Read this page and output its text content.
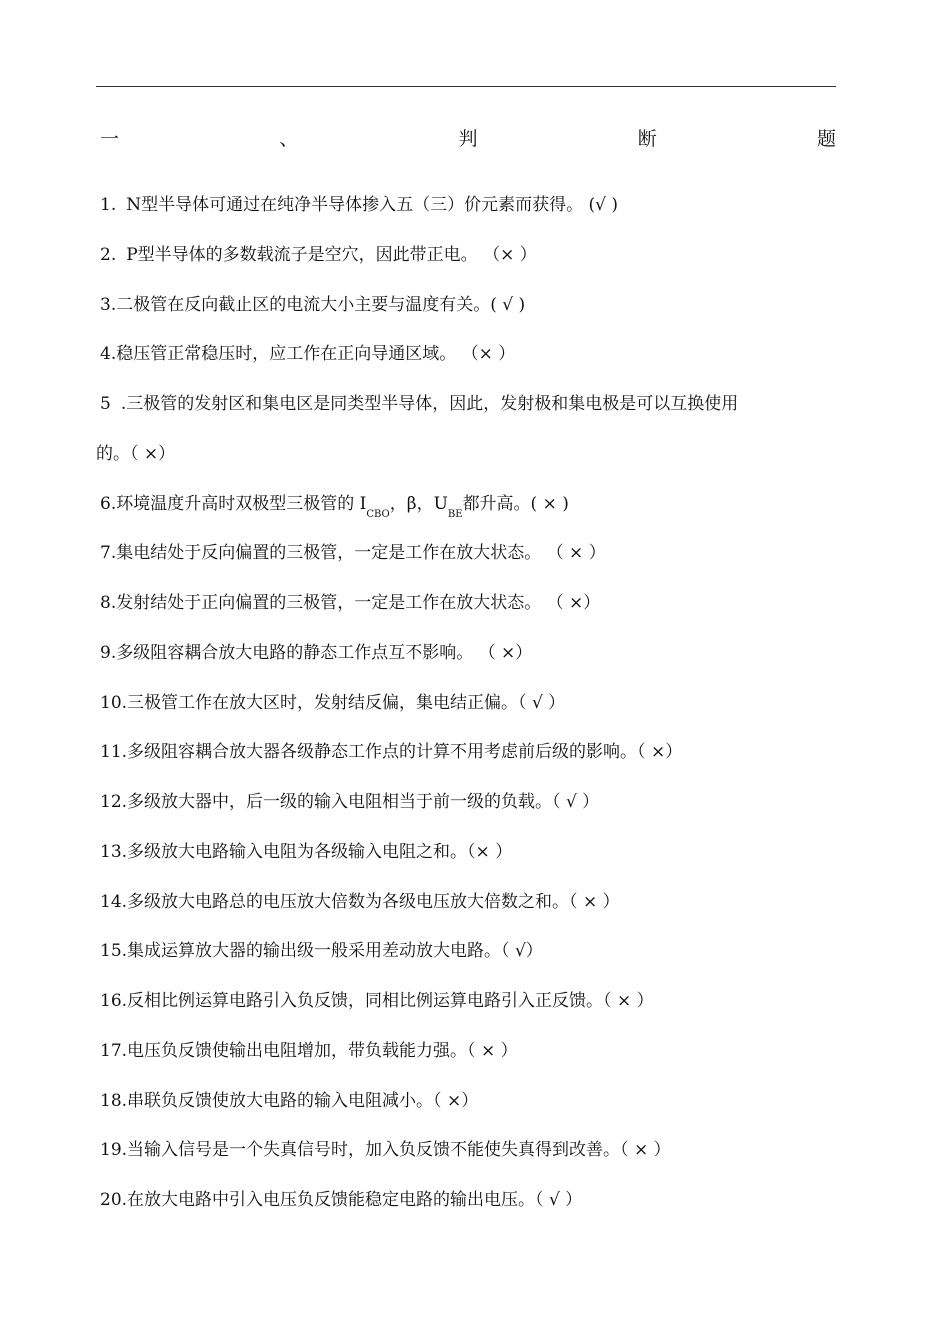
一	、	判	断	题
1. N型半导体可通过在纯净半导体掺入五（三）价元素而获得。 (√ )
2. P型半导体的多数载流子是空穴，因此带正电。 （× ）
3.二极管在反向截止区的电流大小主要与温度有关。( √ )
4.稳压管正常稳压时，应工作在正向导通区域。 （× ）
5 .三极管的发射区和集电区是同类型半导体，因此，发射极和集电极是可以互换使用
的。（ ×）
6.环境温度升高时双极型三极管的 $I_{CBO}$，β，$U_{BE}$都升高。( × )
7.集电结处于反向偏置的三极管，一定是工作在放大状态。 （ × ）
8.发射结处于正向偏置的三极管，一定是工作在放大状态。 （ ×）
9.多级阻容耦合放大电路的静态工作点互不影响。 （ ×）
10.三极管工作在放大区时，发射结反偏，集电结正偏。（ √ ）
11.多级阻容耦合放大器各级静态工作点的计算不用考虑前后级的影响。（ ×）
12.多级放大器中，后一级的输入电阻相当于前一级的负载。（ √ ）
13.多级放大电路输入电阻为各级输入电阻之和。（× ）
14.多级放大电路总的电压放大倍数为各级电压放大倍数之和。（ × ）
15.集成运算放大器的输出级一般采用差动放大电路。（ √）
16.反相比例运算电路引入负反馈，同相比例运算电路引入正反馈。（ × ）
17.电压负反馈使输出电阻增加，带负载能力强。（ × ）
18.串联负反馈使放大电路的输入电阻减小。（ ×）
19.当输入信号是一个失真信号时，加入负反馈不能使失真得到改善。（ × ）
20.在放大电路中引入电压负反馈能稳定电路的输出电压。（ √ ）
